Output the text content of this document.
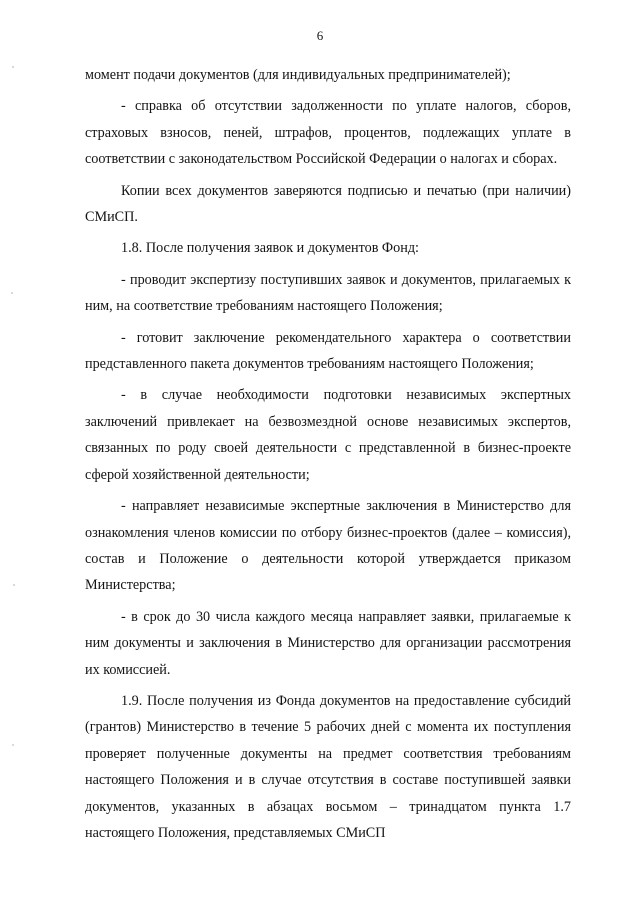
6

момент подачи документов (для индивидуальных предпринимателей);

- справка об отсутствии задолженности по уплате налогов, сборов, страховых взносов, пеней, штрафов, процентов, подлежащих уплате в соответствии с законодательством Российской Федерации о налогах и сборах.

Копии всех документов заверяются подписью и печатью (при наличии) СМиСП.

1.8. После получения заявок и документов Фонд:

- проводит экспертизу поступивших заявок и документов, прилагаемых к ним, на соответствие требованиям настоящего Положения;

- готовит заключение рекомендательного характера о соответствии представленного пакета документов требованиям настоящего Положения;

- в случае необходимости подготовки независимых экспертных заключений привлекает на безвозмездной основе независимых экспертов, связанных по роду своей деятельности с представленной в бизнес-проекте сферой хозяйственной деятельности;

- направляет независимые экспертные заключения в Министерство для ознакомления членов комиссии по отбору бизнес-проектов (далее – комиссия), состав и Положение о деятельности которой утверждается приказом Министерства;

- в срок до 30 числа каждого месяца направляет заявки, прилагаемые к ним документы и заключения в Министерство для организации рассмотрения их комиссией.

1.9. После получения из Фонда документов на предоставление субсидий (грантов) Министерство в течение 5 рабочих дней с момента их поступления проверяет полученные документы на предмет соответствия требованиям настоящего Положения и в случае отсутствия в составе поступившей заявки документов, указанных в абзацах восьмом – тринадцатом пункта 1.7 настоящего Положения, представляемых СМиСП
